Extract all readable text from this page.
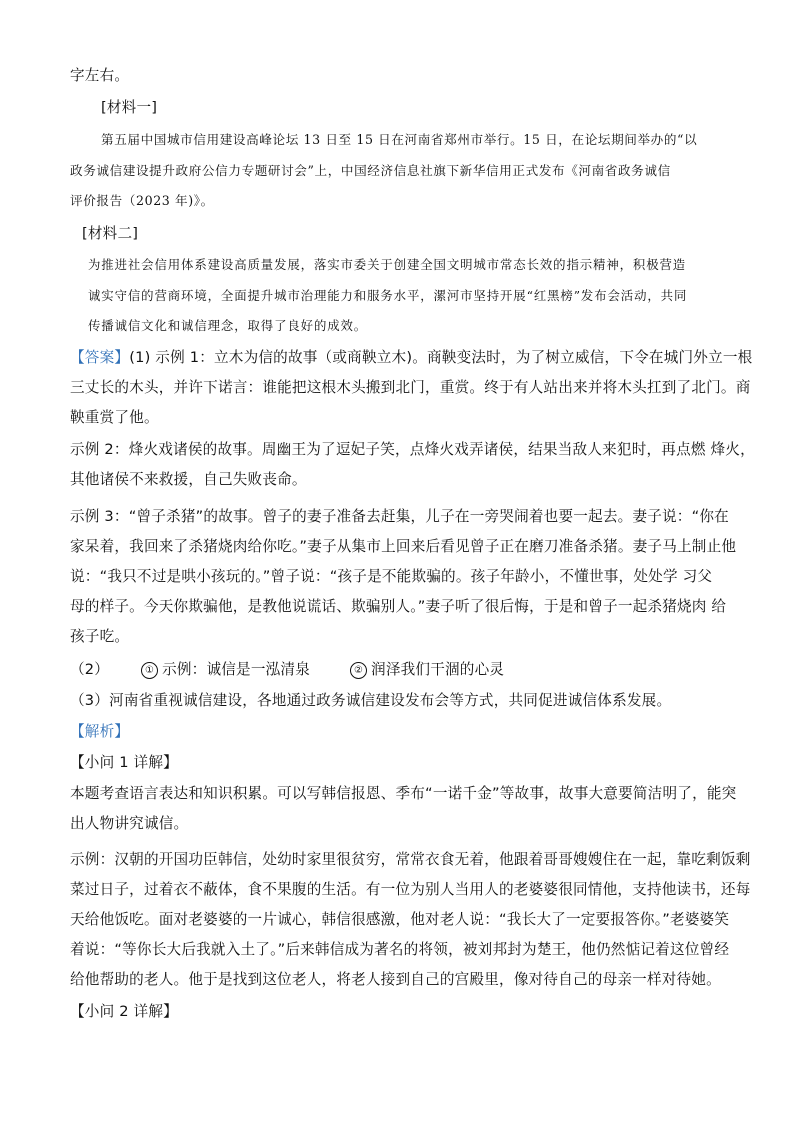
字左右。
[材料一]
第五届中国城市信用建设高峰论坛 13 日至 15 日在河南省郑州市举行。15 日，在论坛期间举办的“以
政务诚信建设提升政府公信力专题研讨会”上，中国经济信息社旗下新华信用正式发布《河南省政务诚信
评价报告（2023 年)》。
[材料二]
为推进社会信用体系建设高质量发展，落实市委关于创建全国文明城市常态长效的指示精神，积极营造
诚实守信的营商环境，全面提升城市治理能力和服务水平，漯河市坚持开展“红黑榜”发布会活动，共同
传播诚信文化和诚信理念，取得了良好的成效。
【答案】(1) 示例 1：立木为信的故事（或商鞅立木)。商鞅变法时，为了树立威信，下令在城门外立一根
三丈长的木头，并许下诺言：谁能把这根木头搬到北门，重赏。终于有人站出来并将木头扛到了北门。商
鞅重赏了他。
示例 2：烽火戏诸侯的故事。周幽王为了逗妃子笑，点烽火戏弄诸侯，结果当敌人来犯时，再点燃 烽火，
其他诸侯不来救援，自己失败丧命。
示例 3：“曾子杀猪”的故事。曾子的妻子准备去赶集，儿子在一旁哭闹着也要一起去。妻子说：“你在
家呆着，我回来了杀猪烧肉给你吃。”妻子从集市上回来后看见曾子正在磨刀准备杀猪。妻子马上制止他
说：“我只不过是哄小孩玩的。”曾子说：“孩子是不能欺骗的。孩子年龄小，不懂世事，处处学 习父
母的样子。今天你欺骗他，是教他说谎话、欺骗别人。”妻子听了很后悔，于是和曾子一起杀猪烧肉 给
孩子吃。
（2）	① 示例：诚信是一泓清泉	② 润泽我们干涸的心灵
（3）河南省重视诚信建设，各地通过政务诚信建设发布会等方式，共同促进诚信体系发展。
【解析】
【小问 1 详解】
本题考查语言表达和知识积累。可以写韩信报恩、季布“一诺千金”等故事，故事大意要简洁明了，能突
出人物讲究诚信。
示例：汉朝的开国功臣韩信，处幼时家里很贫穷，常常衣食无着，他跟着哥哥嫂嫂住在一起，靠吃剩饭剩
菜过日子，过着衣不蔽体，食不果腹的生活。有一位为别人当用人的老婆婆很同情他，支持他读书，还每
天给他饭吃。面对老婆婆的一片诚心，韩信很感激，他对老人说：“我长大了一定要报答你。”老婆婆笑
着说：“等你长大后我就入土了。”后来韩信成为著名的将领，被刘邦封为楚王，他仍然惦记着这位曾经
给他帮助的老人。他于是找到这位老人，将老人接到自己的宫殿里，像对待自己的母亲一样对待她。
【小问 2 详解】
